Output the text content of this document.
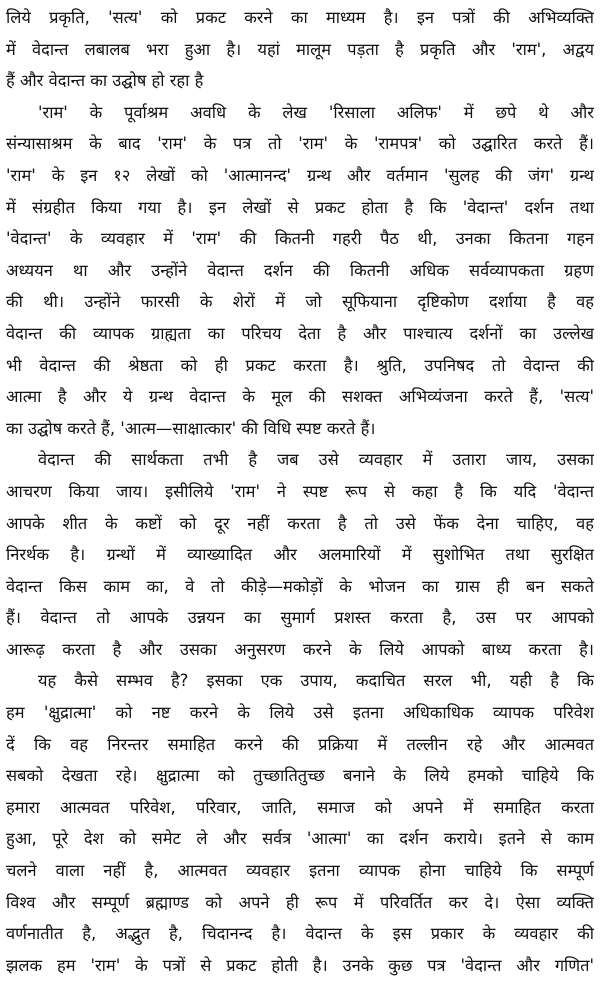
लिये प्रकृति, 'सत्य' को प्रकट करने का माध्यम है। इन पत्रों की अभिव्यक्ति
में वेदान्त लबालब भरा हुआ है। यहां मालूम पड़ता है प्रकृति और 'राम', अद्वय
हैं और वेदान्त का उद्घोष हो रहा है
'राम' के पूर्वाश्रम अवधि के लेख 'रिसाला अलिफ' में छपे थे और
संन्यासाश्रम के बाद 'राम' के पत्र तो 'राम' के 'रामपत्र' को उद्घारित करते हैं।
'राम' के इन १२ लेखों को 'आत्मानन्द' ग्रन्थ और वर्तमान 'सुलह की जंग' ग्रन्थ
में संग्रहीत किया गया है। इन लेखों से प्रकट होता है कि 'वेदान्त' दर्शन तथा
'वेदान्त' के व्यवहार में 'राम' की कितनी गहरी पैठ थी, उनका कितना गहन
अध्ययन था और उन्होंने वेदान्त दर्शन की कितनी अधिक सर्वव्यापकता ग्रहण
की थी। उन्होंने फारसी के शेरों में जो सूफियाना दृष्टिकोण दर्शाया है वह
वेदान्त की व्यापक ग्राह्यता का परिचय देता है और पाश्चात्य दर्शनों का उल्लेख
भी वेदान्त की श्रेष्ठता को ही प्रकट करता है। श्रुति, उपनिषद तो वेदान्त की
आत्मा है और ये ग्रन्थ वेदान्त के मूल की सशक्त अभिव्यंजना करते हैं, 'सत्य'
का उद्घोष करते हैं, 'आत्म—साक्षात्कार' की विधि स्पष्ट करते हैं।
वेदान्त की सार्थकता तभी है जब उसे व्यवहार में उतारा जाय, उसका
आचरण किया जाय। इसीलिये 'राम' ने स्पष्ट रूप से कहा है कि यदि 'वेदान्त
आपके शीत के कष्टों को दूर नहीं करता है तो उसे फेंक देना चाहिए, वह
निरर्थक है। ग्रन्थों में व्याख्यादित और अलमारियों में सुशोभित तथा सुरक्षित
वेदान्त किस काम का, वे तो कीड़े—मकोड़ों के भोजन का ग्रास ही बन सकते
हैं। वेदान्त तो आपके उन्नयन का सुमार्ग प्रशस्त करता है, उस पर आपको
आरूढ़ करता है और उसका अनुसरण करने के लिये आपको बाध्य करता है।
यह कैसे सम्भव है? इसका एक उपाय, कदाचित सरल भी, यही है कि
हम 'क्षुद्रात्मा' को नष्ट करने के लिये उसे इतना अधिकाधिक व्यापक परिवेश
दें कि वह निरन्तर समाहित करने की प्रक्रिया में तल्लीन रहे और आत्मवत
सबको देखता रहे। क्षुद्रात्मा को तुच्छातितुच्छ बनाने के लिये हमको चाहिये कि
हमारा आत्मवत परिवेश, परिवार, जाति, समाज को अपने में समाहित करता
हुआ, पूरे देश को समेट ले और सर्वत्र 'आत्मा' का दर्शन कराये। इतने से काम
चलने वाला नहीं है, आत्मवत व्यवहार इतना व्यापक होना चाहिये कि सम्पूर्ण
विश्व और सम्पूर्ण ब्रह्माण्ड को अपने ही रूप में परिवर्तित कर दे। ऐसा व्यक्ति
वर्णनातीत है, अद्भुत है, चिदानन्द है। वेदान्त के इस प्रकार के व्यवहार की
झलक हम 'राम' के पत्रों से प्रकट होती है। उनके कुछ पत्र 'वेदान्त और गणित'
